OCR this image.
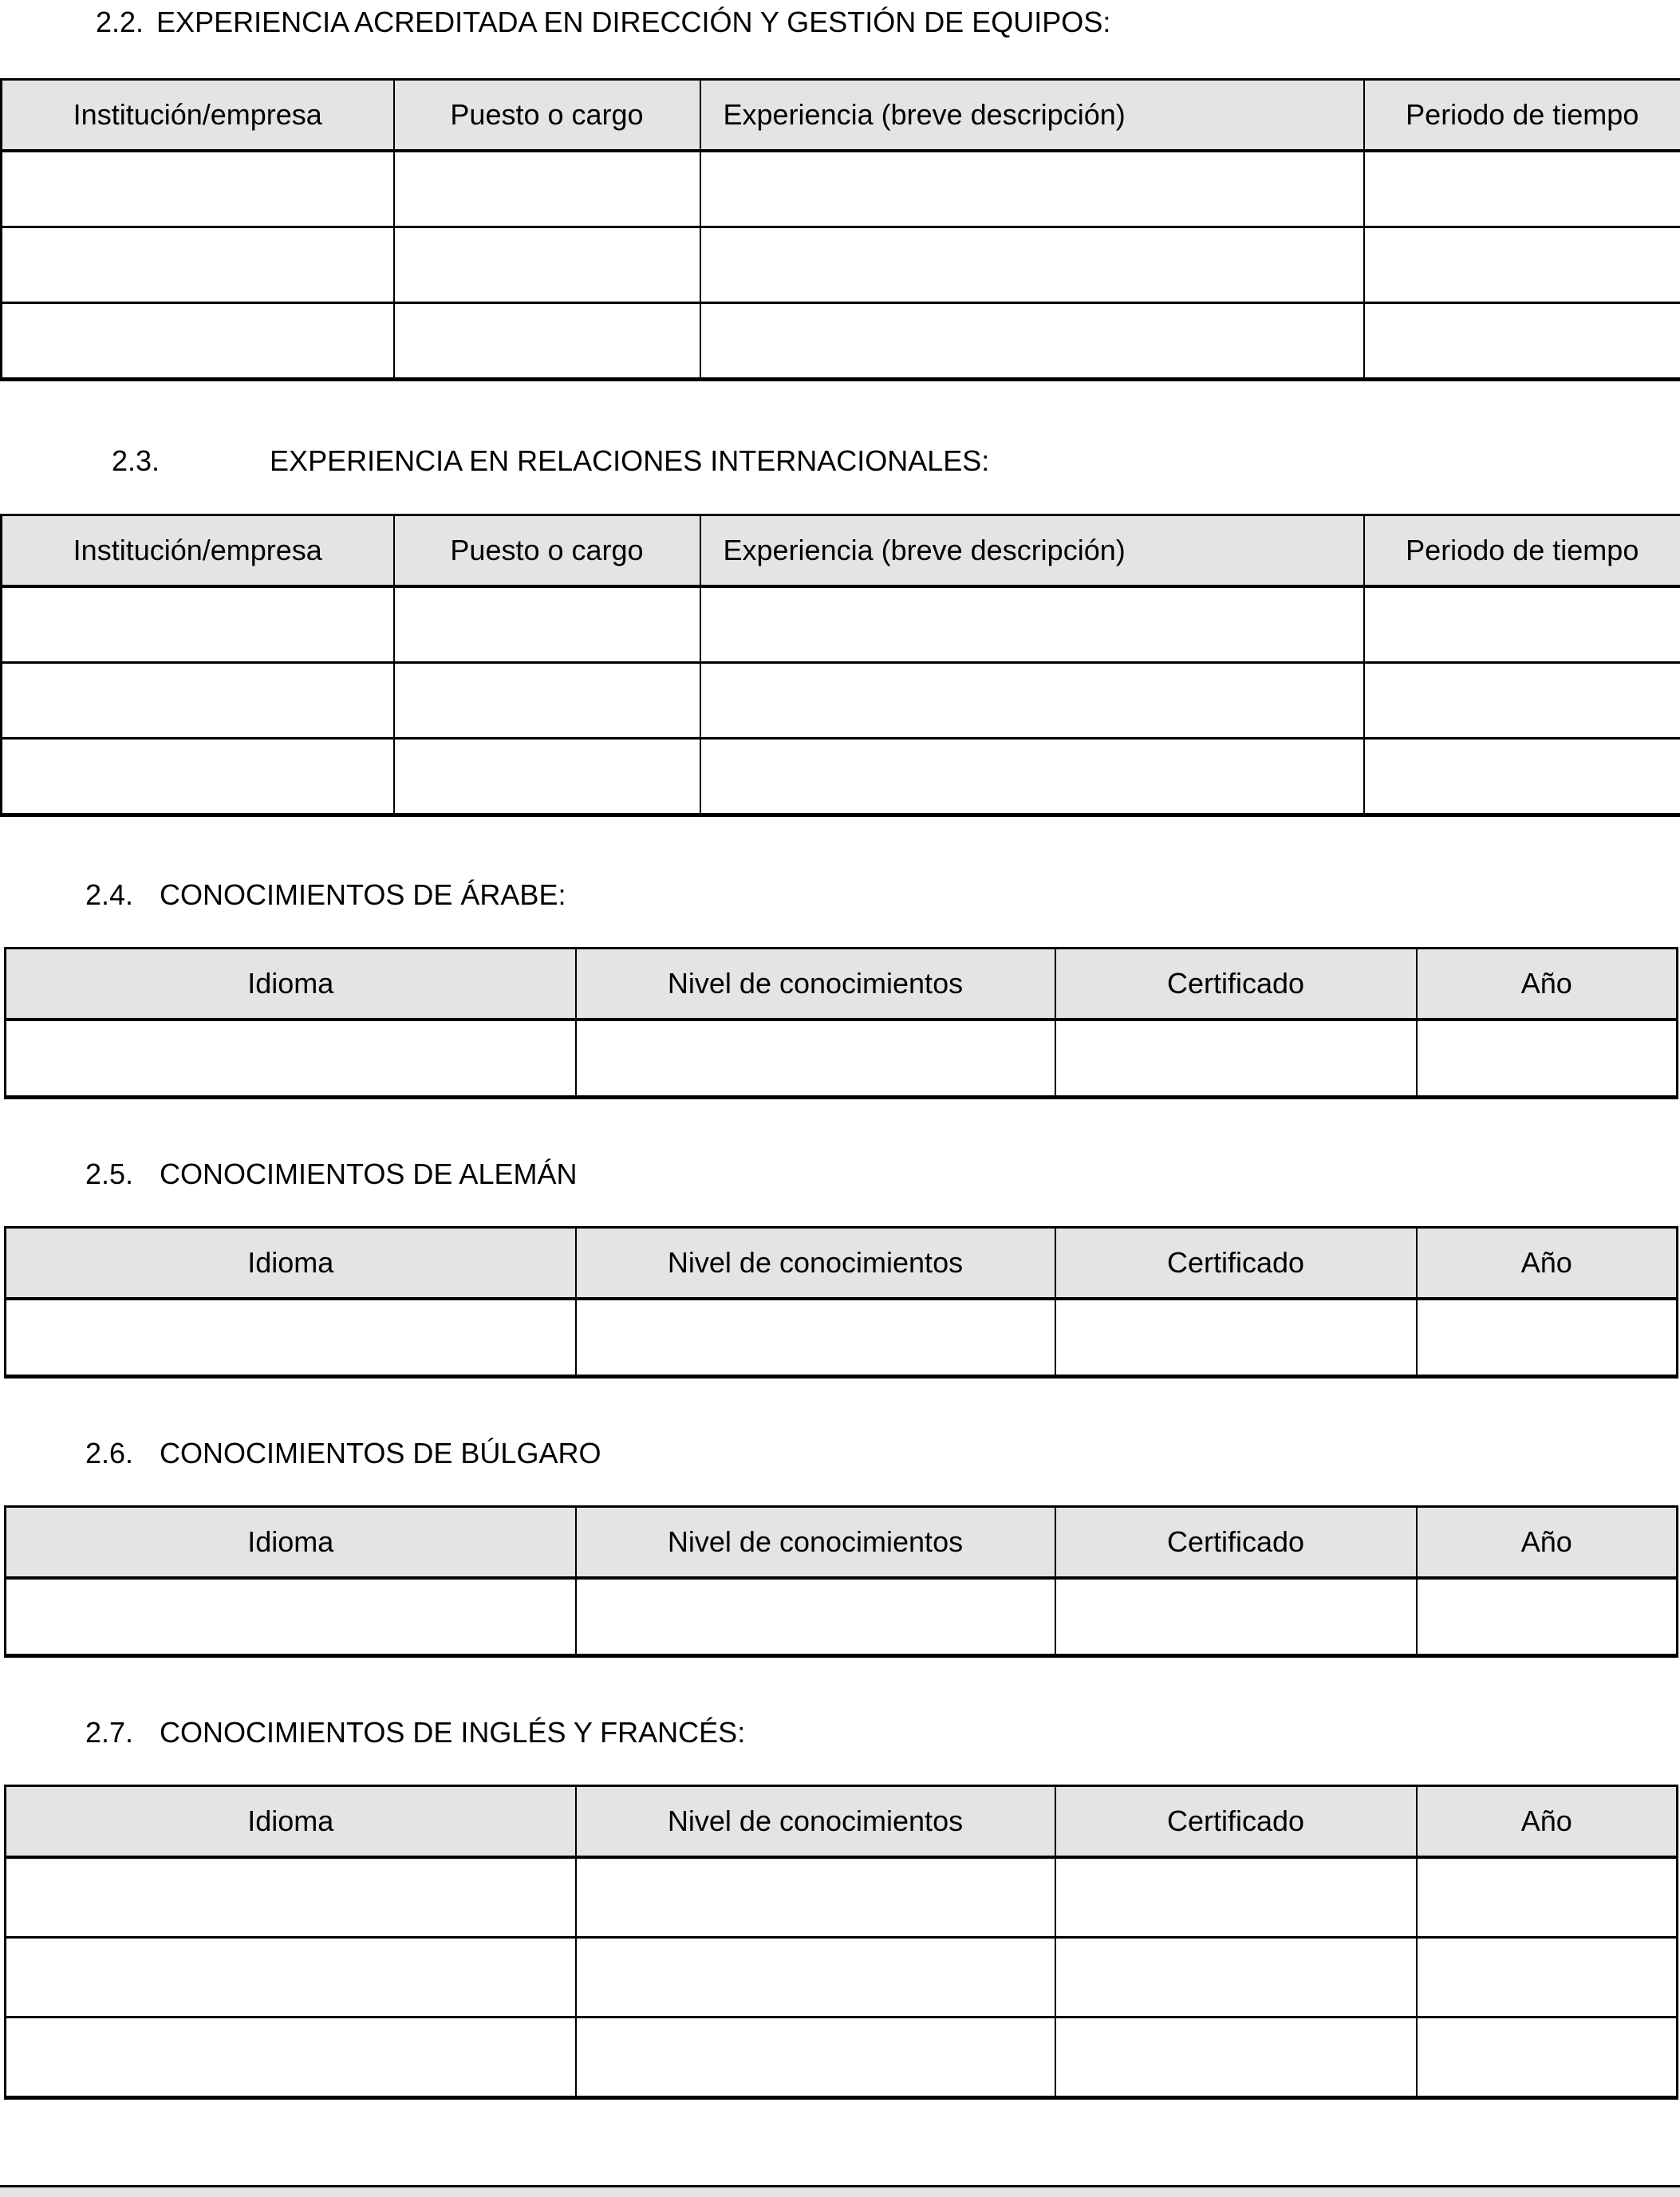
2.2. EXPERIENCIA ACREDITADA EN DIRECCIÓN Y GESTIÓN DE EQUIPOS:
Institución/empresa	Puesto o cargo	Experiencia (breve descripción)	Periodo de tiempo

2.3.	EXPERIENCIA EN RELACIONES INTERNACIONALES:
Institución/empresa	Puesto o cargo	Experiencia (breve descripción)	Periodo de tiempo

2.4. CONOCIMIENTOS DE ÁRABE:
Idioma	Nivel de conocimientos	Certificado	Año

2.5. CONOCIMIENTOS DE ALEMÁN
Idioma	Nivel de conocimientos	Certificado	Año

2.6. CONOCIMIENTOS DE BÚLGARO
Idioma	Nivel de conocimientos	Certificado	Año

2.7. CONOCIMIENTOS DE INGLÉS Y FRANCÉS:
Idioma	Nivel de conocimientos	Certificado	Año
